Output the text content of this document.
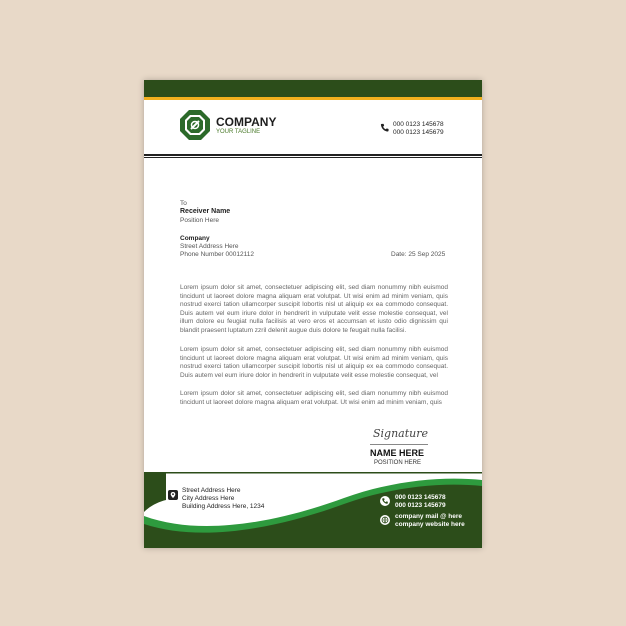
COMPANY
YOUR TAGLINE
000 0123 145678
000 0123 145679
To
Receiver Name
Position Here
Company
Street Address Here
Phone Number 00012112	Date: 25 Sep 2025
Lorem ipsum dolor sit amet, consectetuer adipiscing elit, sed diam nonummy nibh euismod tincidunt ut laoreet dolore magna aliquam erat volutpat. Ut wisi enim ad minim veniam, quis nostrud exerci tation ullamcorper suscipit lobortis nisl ut aliquip ex ea commodo consequat. Duis autem vel eum iriure dolor in hendrerit in vulputate velit esse molestie consequat, vel illum dolore eu feugiat nulla facilisis at vero eros et accumsan et iusto odio dignissim qui blandit praesent luptatum zzril delenit augue duis dolore te feugait nulla facilisi.
Lorem ipsum dolor sit amet, consectetuer adipiscing elit, sed diam nonummy nibh euismod tincidunt ut laoreet dolore magna aliquam erat volutpat. Ut wisi enim ad minim veniam, quis nostrud exerci tation ullamcorper suscipit lobortis nisl ut aliquip ex ea commodo consequat. Duis autem vel eum iriure dolor in hendrerit in vulputate velit esse molestie consequat, vel
Lorem ipsum dolor sit amet, consectetuer adipiscing elit, sed diam nonummy nibh euismod tincidunt ut laoreet dolore magna aliquam erat volutpat. Ut wisi enim ad minim veniam, quis
Signature
NAME HERE
POSITION HERE
Street Address Here
City Address Here
Building Address Here, 1234
000 0123 145678
000 0123 145679
company mail @ here
company website here
